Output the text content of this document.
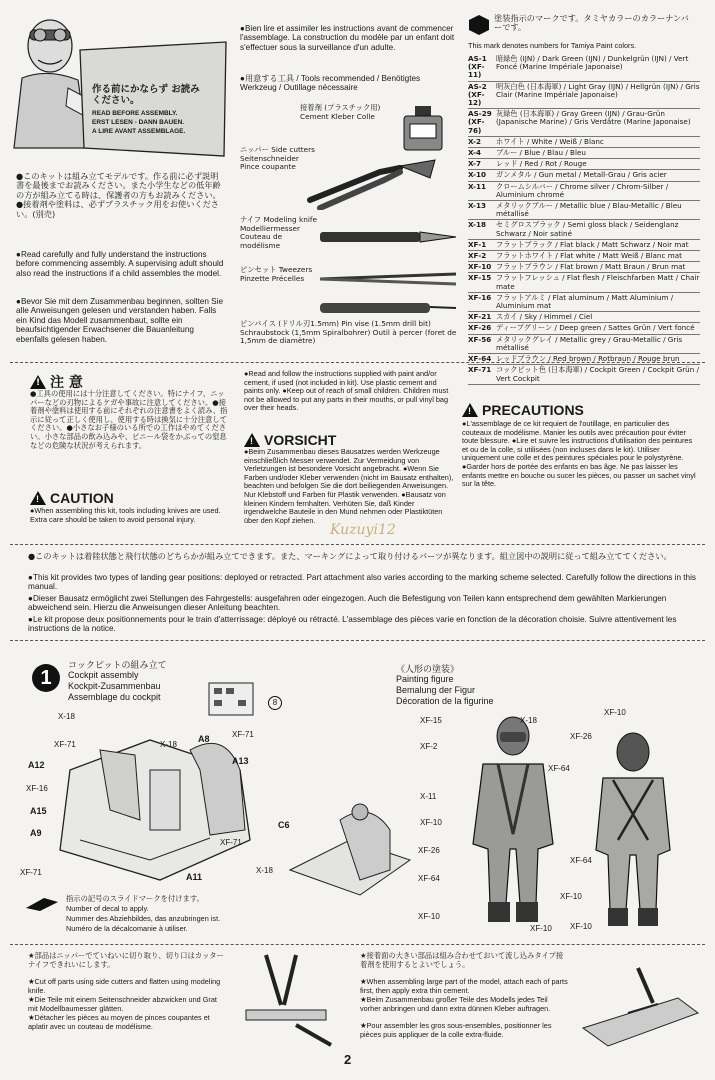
作る前にかならず お読みください。
READ BEFORE ASSEMBLY.
ERST LESEN - DANN BAUEN.
A LIRE AVANT ASSEMBLAGE.
●このキットは組み立てモデルです。作る前に必ず説明書を最後までお読みください。また小学生などの低年齢の方が組み立てる時は、保護者の方もお読みください。●接着剤や塗料は、必ずプラスチック用をお使いください。(別売)
●Read carefully and fully understand the instructions before commencing assembly. A supervising adult should also read the instructions if a child assembles the model.
●Bevor Sie mit dem Zusammenbau beginnen, sollten Sie alle Anweisungen gelesen und verstanden haben. Falls ein Kind das Modell zusammenbaut, sollte ein beaufsichtigender Erwachsener die Bauanleitung ebenfalls gelesen haben.
●Bien lire et assimiler les instructions avant de commencer l'assemblage. La construction du modèle par un enfant doit s'effectuer sous la surveillance d'un adulte.
●用意する工具 / Tools recommended / Benötigtes Werkzeug / Outillage nécessaire
接着剤 (プラスチック用) Cement Kleber Colle
ニッパー Side cutters Seitenschneider Pince coupante
ナイフ Modeling knife Modelliermesser Couteau de modélisme
ピンセット Tweezers Pinzette Précelles
ピンバイス (ドリル刃1.5mm) Pin vise (1.5mm drill bit) Schraubstock (1,5mm Spiralbohrer) Outil à percer (foret de 1,5mm de diamètre)
塗装指示のマークです。タミヤカラーのカラーナンバーです。
This mark denotes numbers for Tamiya Paint colors.
AS-1 (XF-11)
暗緑色 (IJN) / Dark Green (IJN) / Dunkelgrün (IJN) / Vert Foncé (Marine Impériale Japonaise)
AS-2 (XF-12)
明灰白色 (日本海軍) / Light Gray (IJN) / Hellgrün (IJN) / Gris Clair (Marine Impériale Japonaise)
AS-29 (XF-76)
灰緑色 (日本海軍) / Gray Green (IJN) / Grau-Grün (Japanische Marine) / Gris Verdâtre (Marine Japonaise)
X-2	ホワイト / White / Weiß / Blanc
X-4	ブルー / Blue / Blau / Bleu
X-7	レッド / Red / Rot / Rouge
X-10	ガンメタル / Gun metal / Metall-Grau / Gris acier
X-11	クロームシルバー / Chrome silver / Chrom-Silber / Aluminium chromé
X-13	メタリックブルー / Metallic blue / Blau-Metallic / Bleu métallisé
X-18	セミグロスブラック / Semi gloss black / Seidenglanz Schwarz / Noir satiné
XF-1	フラットブラック / Flat black / Matt Schwarz / Noir mat
XF-2	フラットホワイト / Flat white / Matt Weiß / Blanc mat
XF-10 フラットブラウン / Flat brown / Matt Braun / Brun mat
XF-15 フラットフレッシュ / Flat flesh / Fleischfarben Matt / Chair mate
XF-16 フラットアルミ / Flat aluminum / Matt Aluminium / Aluminium mat
XF-21 スカイ / Sky / Himmel / Ciel
XF-26 ディープグリーン / Deep green / Sattes Grün / Vert foncé
XF-56 メタリックグレイ / Metallic grey / Grau-Metallic / Gris métallisé
XF-64 レッドブラウン / Red brown / Rotbraun / Rouge brun
XF-71 コックピット色 (日本海軍) / Cockpit Green / Cockpit Grün / Vert Cockpit
!注 意
●工具の使用には十分注意してください。特にナイフ、ニッパーなどの刃物によるケガや事故に注意してください。●接着剤や塗料は使用する前にそれぞれの注意書をよく読み、指示に従って正しく使用し、使用する時は換気に十分注意してください。●小さなお子様のいる所での工作はやめてください。小さな部品の飲み込みや、ビニール袋をかぶっての窒息などの危険な状況が考えられます。
!CAUTION
●When assembling this kit, tools including knives are used. Extra care should be taken to avoid personal injury.
●Read and follow the instructions supplied with paint and/or cement, if used (not included in kit). Use plastic cement and paints only. ●Keep out of reach of small children. Children must not be allowed to put any parts in their mouths, or pull vinyl bag over their heads.
!VORSICHT
●Beim Zusammenbau dieses Bausatzes werden Werkzeuge einschließlich Messer verwendet. Zur Vermeidung von Verletzungen ist besondere Vorsicht angebracht. ●Wenn Sie Farben und/oder Kleber verwenden (nicht im Bausatz enthalten), beachten und befolgen Sie die dort beiliegenden Anweisungen. Nur Klebstoff und Farben für Plastik verwenden. ●Bausatz von kleinen Kindern fernhalten. Verhüten Sie, daß Kinder irgendwelche Bauteile in den Mund nehmen oder Plastiktüten über den Kopf ziehen.
!PRECAUTIONS
●L'assemblage de ce kit requiert de l'outillage, en particulier des couteaux de modélisme. Manier les outils avec précaution pour éviter toute blessure. ●Lire et suivre les instructions d'utilisation des peintures et ou de la colle, si utilisées (non incluses dans le kit). Utiliser uniquement une colle et des peintures spéciales pour le polystyrène. ●Garder hors de portée des enfants en bas âge. Ne pas laisser les enfants mettre en bouche ou sucer les pièces, ou passer un sachet vinyl sur la tête.
Kuzuyi12
●このキットは着陸状態と飛行状態のどちらかが組み立てできます。また、マーキングによって取り付けるパーツが異なります。組立図中の説明に従って組み立ててください。
●This kit provides two types of landing gear positions: deployed or retracted. Part attachment also varies according to the marking scheme selected. Carefully follow the directions in this manual.
●Dieser Bausatz ermöglicht zwei Stellungen des Fahrgestells: ausgefahren oder eingezogen. Auch die Befestigung von Teilen kann entsprechend dem gewählten Markierungen abweichend sein. Hierzu die Anweisungen dieser Anleitung beachten.
●Le kit propose deux positionnements pour le train d'atterrissage: déployé ou rétracté. L'assemblage des pièces varie en fonction de la décoration choisie. Suivre attentivement les instructions de la notice.
1
コックピットの組み立て
Cockpit assembly
Kockpit-Zusammenbau
Assemblage du cockpit
8
X-18
XF-71	X-18
A8	XF-71
A12	A13
XF-16
A15
A9
XF-71
XF-71
A11
C6
X-18
指示の記号のスライドマークを付けます。
Number of decal to apply.
Nummer des Abziehbildes, das anzubringen ist.
Numéro de la décalcomanie à utiliser.
《人形の塗装》
Painting figure
Bemalung der Figur
Décoration de la figurine
XF-15	X-18
XF-2
XF-64
X-11
XF-10
XF-26
XF-64
XF-10
XF-10
XF-10
XF-26
XF-64
XF-10
XF-10
★部品はニッパーでていねいに切り取り、切り口はカッターナイフできれいにします。
★Cut off parts using side cutters and flatten using modeling knife.
★Die Teile mit einem Seitenschneider abzwicken und Grat mit Modellbaumesser glätten.
★Détacher les pièces au moyen de pinces coupantes et aplatir avec un couteau de modélisme.
★接着面の大きい部品は組み合わせておいて流し込みタイプ接着剤を使用するとよいでしょう。
★When assembling large part of the model, attach each of parts first, then apply extra thin cement.
★Beim Zusammenbau großer Teile des Modells jedes Teil vorher anbringen und dann extra dünnen Kleber auftragen.
★Pour assembler les gros sous-ensembles, positionner les pièces puis appliquer de la colle extra-fluide.
2
